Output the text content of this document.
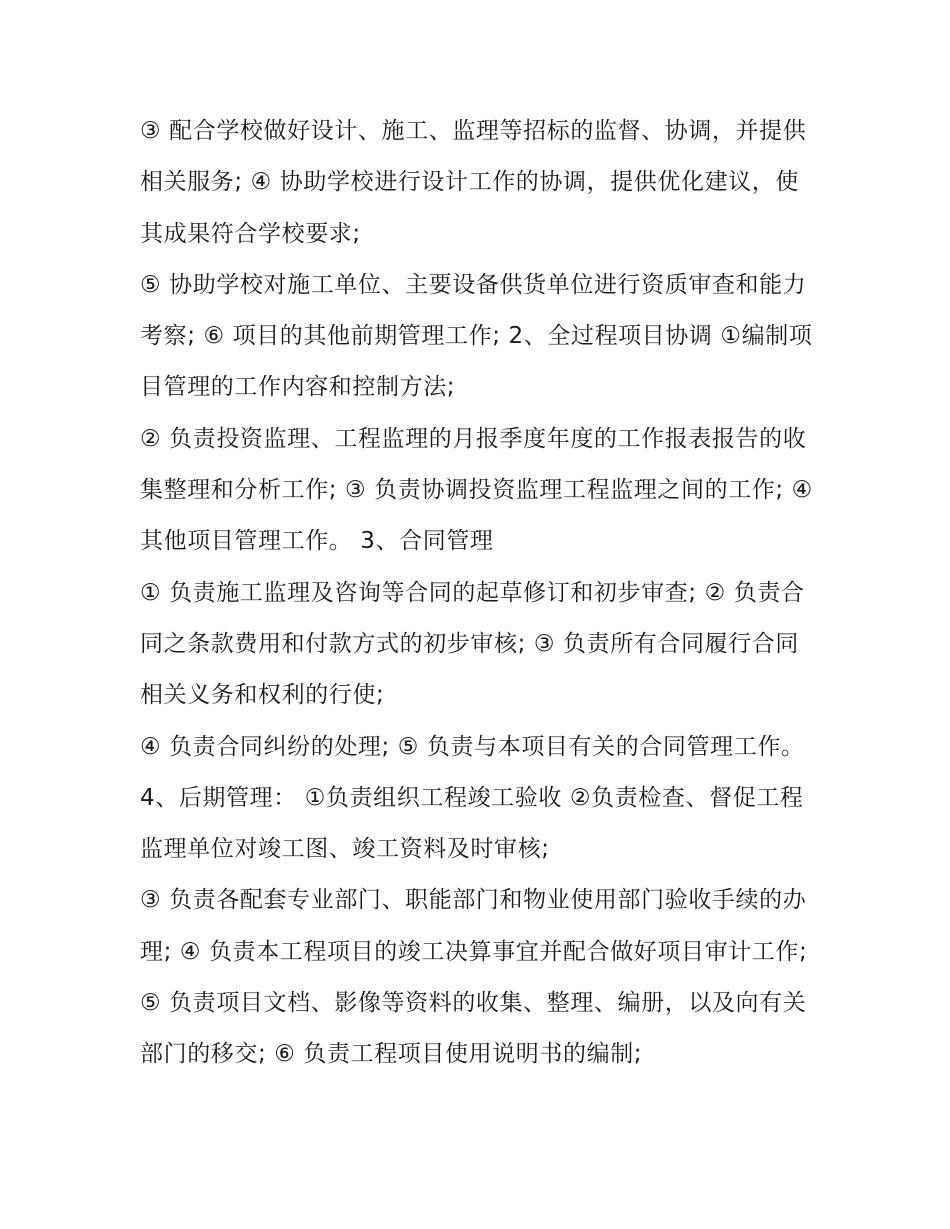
③ 配合学校做好设计、施工、监理等招标的监督、协调，并提供相关服务; ④ 协助学校进行设计工作的协调，提供优化建议，使其成果符合学校要求;

⑤ 协助学校对施工单位、主要设备供货单位进行资质审查和能力考察; ⑥ 项目的其他前期管理工作; 2、全过程项目协调 ①编制项目管理的工作内容和控制方法;

② 负责投资监理、工程监理的月报季度年度的工作报表报告的收集整理和分析工作; ③ 负责协调投资监理工程监理之间的工作; ④ 其他项目管理工作。 3、合同管理

① 负责施工监理及咨询等合同的起草修订和初步审查; ② 负责合同之条款费用和付款方式的初步审核; ③ 负责所有合同履行合同相关义务和权利的行使;

④ 负责合同纠纷的处理; ⑤ 负责与本项目有关的合同管理工作。 4、后期管理： ①负责组织工程竣工验收 ②负责检查、督促工程监理单位对竣工图、竣工资料及时审核;

③ 负责各配套专业部门、职能部门和物业使用部门验收手续的办理; ④ 负责本工程项目的竣工决算事宜并配合做好项目审计工作;

⑤ 负责项目文档、影像等资料的收集、整理、编册，以及向有关部门的移交; ⑥ 负责工程项目使用说明书的编制;
